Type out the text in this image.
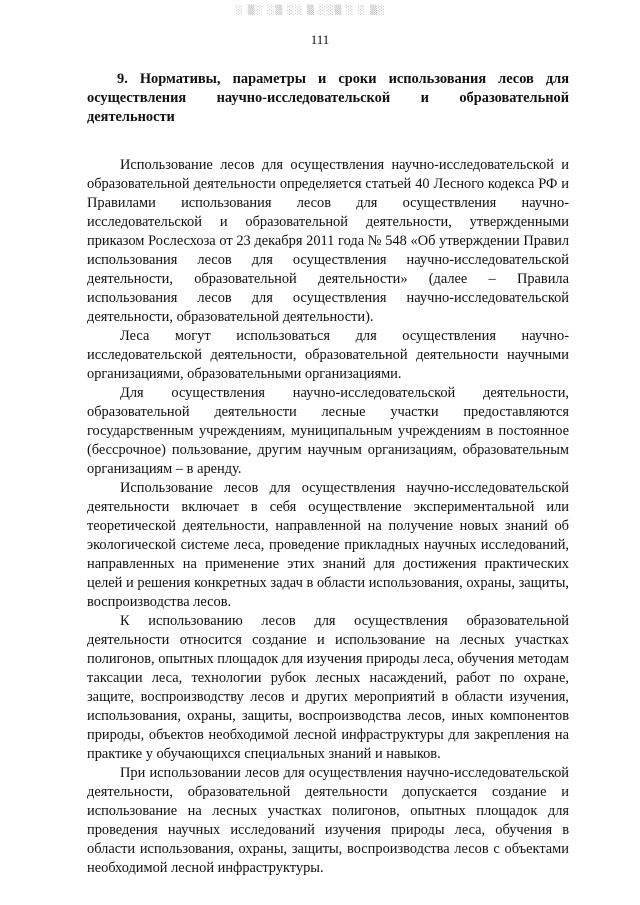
░ ▒░ ░▒ ░░ ▒ ░░▒ ░ ░ ▒░
111
9. Нормативы, параметры и сроки использования лесов для
осуществления научно-исследовательской и образовательной
деятельности

Использование лесов для осуществления научно-исследовательской и образовательной деятельности определяется статьей 40 Лесного кодекса РФ и Правилами использования лесов для осуществления научно-исследовательской и образовательной деятельности, утвержденными приказом Рослесхоза от 23 декабря 2011 года № 548 «Об утверждении Правил использования лесов для осуществления научно-исследовательской деятельности, образовательной деятельности» (далее – Правила использования лесов для осуществления научно-исследовательской деятельности, образовательной деятельности).

Леса могут использоваться для осуществления научно-исследовательской деятельности, образовательной деятельности научными организациями, образовательными организациями.

Для осуществления научно-исследовательской деятельности, образовательной деятельности лесные участки предоставляются государственным учреждениям, муниципальным учреждениям в постоянное (бессрочное) пользование, другим научным организациям, образовательным организациям – в аренду.

Использование лесов для осуществления научно-исследовательской деятельности включает в себя осуществление экспериментальной или теоретической деятельности, направленной на получение новых знаний об экологической системе леса, проведение прикладных научных исследований, направленных на применение этих знаний для достижения практических целей и решения конкретных задач в области использования, охраны, защиты, воспроизводства лесов.

К использованию лесов для осуществления образовательной деятельности относится создание и использование на лесных участках полигонов, опытных площадок для изучения природы леса, обучения методам таксации леса, технологии рубок лесных насаждений, работ по охране, защите, воспроизводству лесов и других мероприятий в области изучения, использования, охраны, защиты, воспроизводства лесов, иных компонентов природы, объектов необходимой лесной инфраструктуры для закрепления на практике у обучающихся специальных знаний и навыков.

При использовании лесов для осуществления научно-исследовательской деятельности, образовательной деятельности допускается создание и использование на лесных участках полигонов, опытных площадок для проведения научных исследований изучения природы леса, обучения в области использования, охраны, защиты, воспроизводства лесов с объектами необходимой лесной инфраструктуры.
